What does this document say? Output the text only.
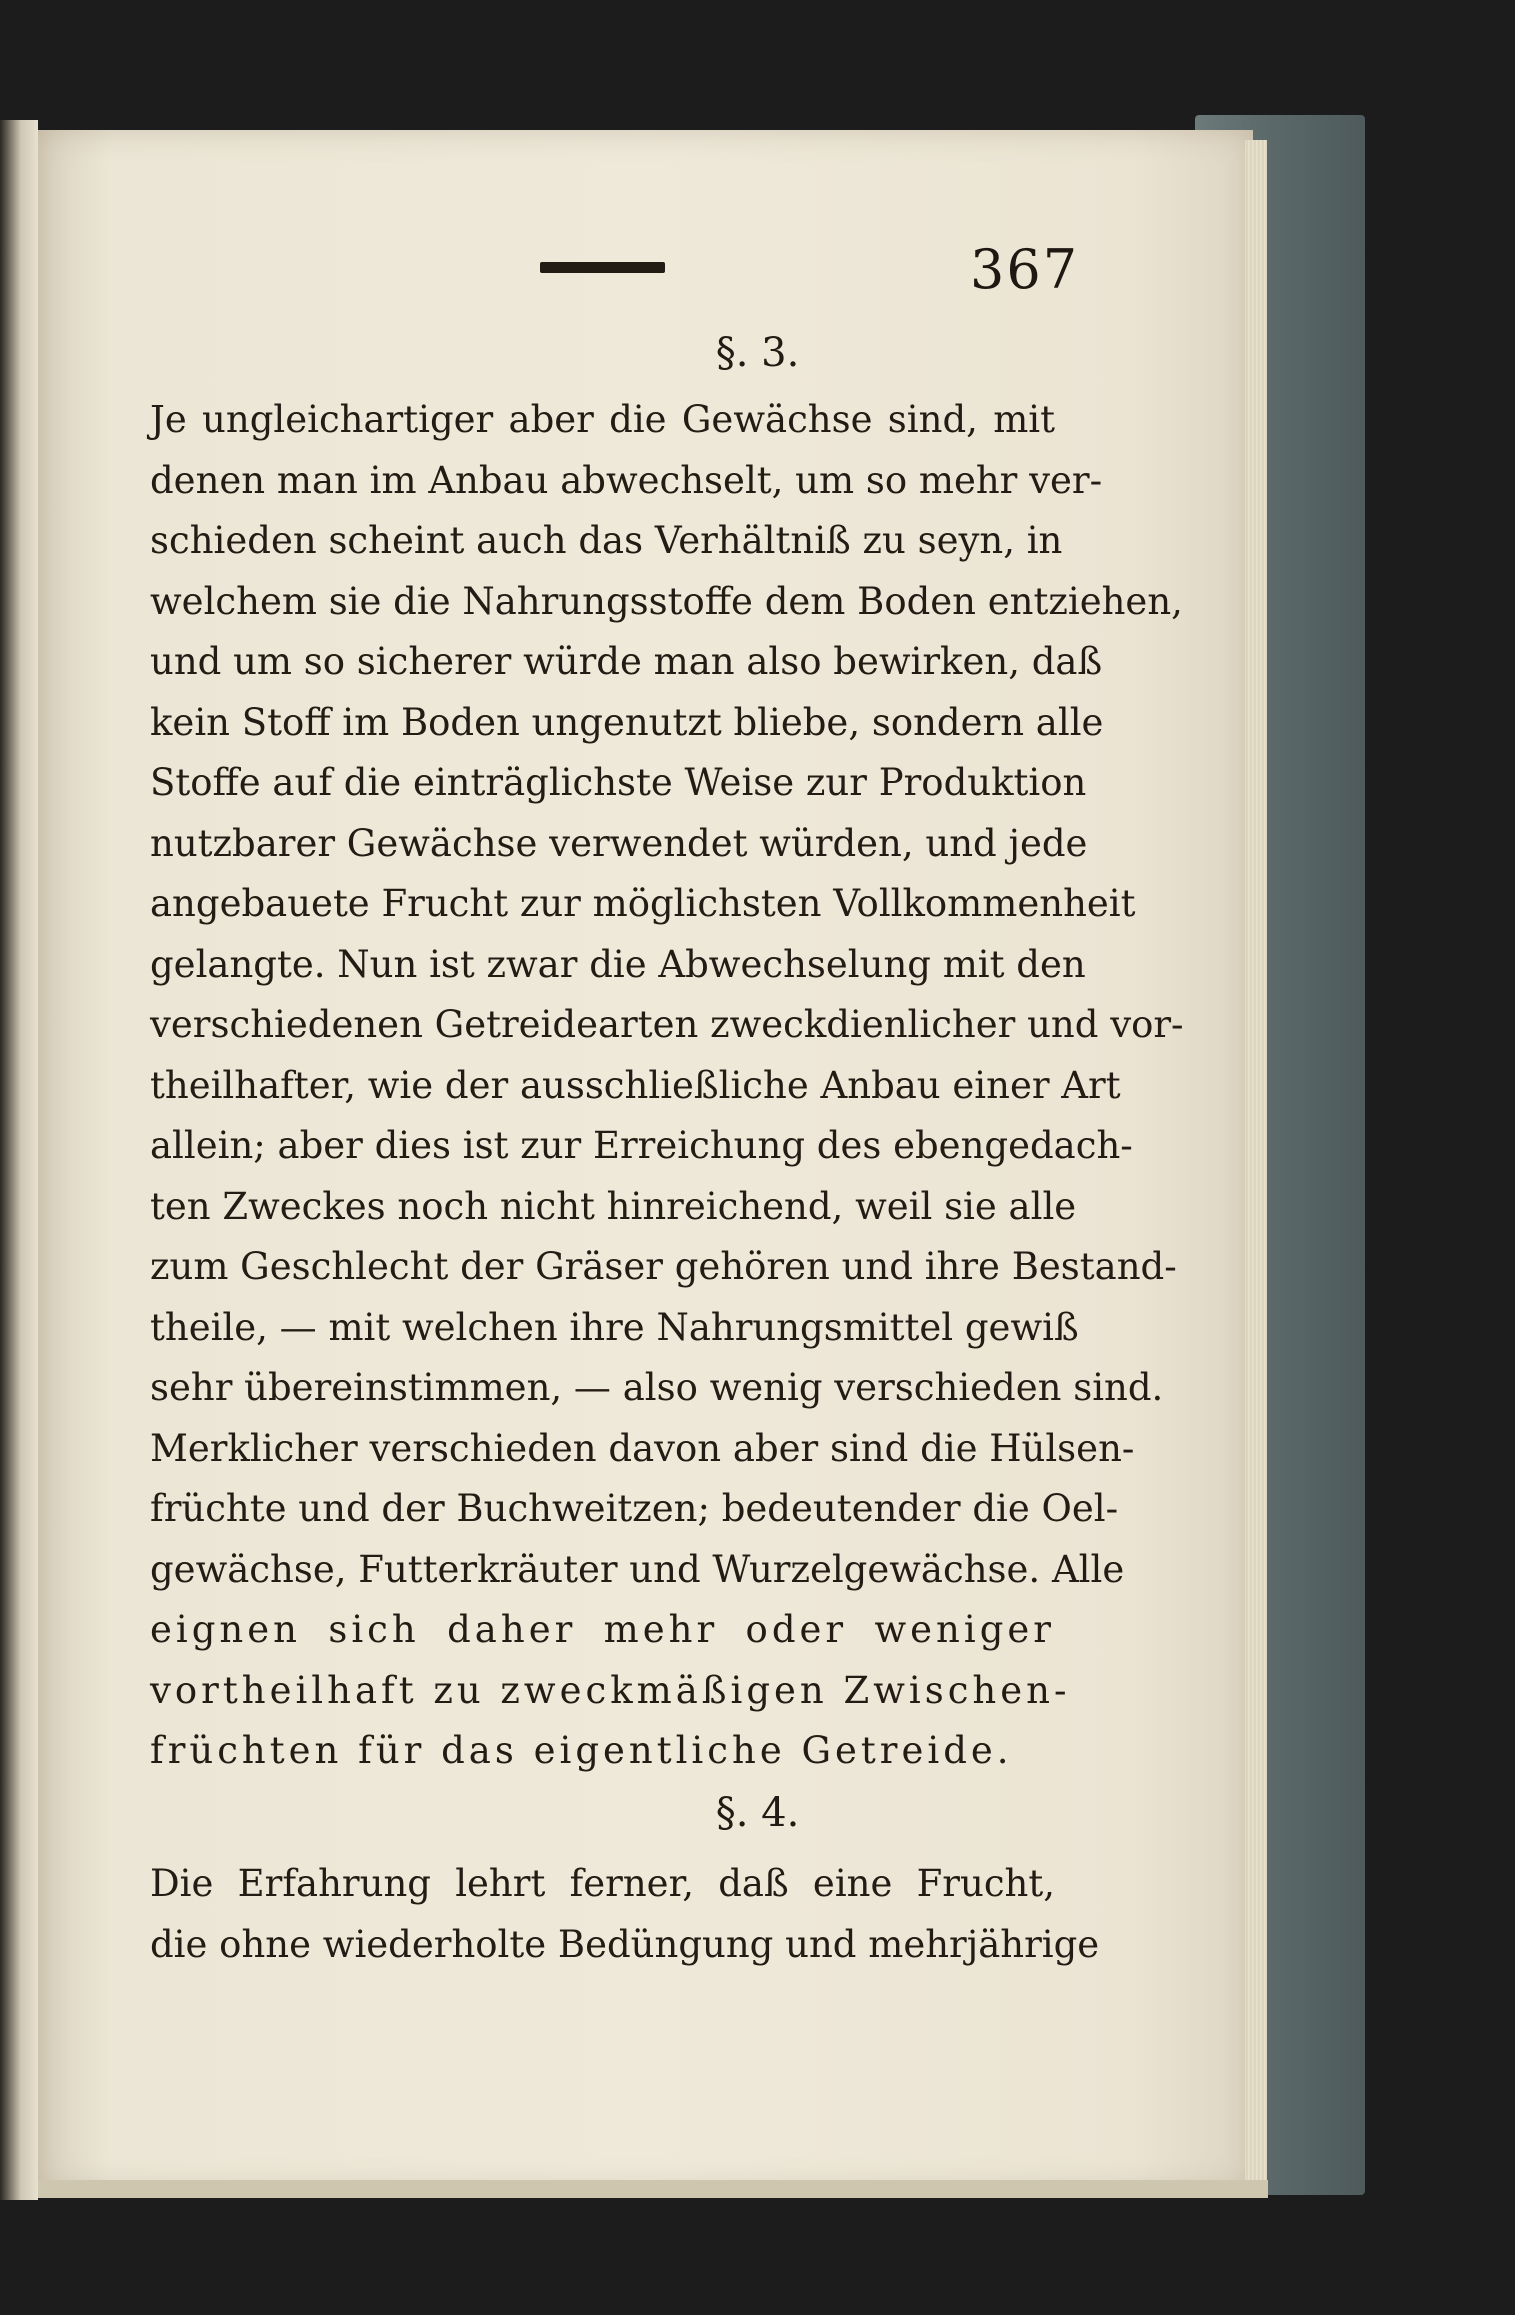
367
§. 3.
Je ungleichartiger aber die Gewächse sind, mit
denen man im Anbau abwechselt, um so mehr ver-
schieden scheint auch das Verhältniß zu seyn, in
welchem sie die Nahrungsstoffe dem Boden entziehen,
und um so sicherer würde man also bewirken, daß
kein Stoff im Boden ungenutzt bliebe, sondern alle
Stoffe auf die einträglichste Weise zur Produktion
nutzbarer Gewächse verwendet würden, und jede
angebauete Frucht zur möglichsten Vollkommenheit
gelangte. Nun ist zwar die Abwechselung mit den
verschiedenen Getreidearten zweckdienlicher und vor-
theilhafter, wie der ausschließliche Anbau einer Art
allein; aber dies ist zur Erreichung des ebengedach-
ten Zweckes noch nicht hinreichend, weil sie alle
zum Geschlecht der Gräser gehören und ihre Bestand-
theile, — mit welchen ihre Nahrungsmittel gewiß
sehr übereinstimmen, — also wenig verschieden sind.
Merklicher verschieden davon aber sind die Hülsen-
früchte und der Buchweitzen; bedeutender die Oel-
gewächse, Futterkräuter und Wurzelgewächse. Alle
eignen sich daher mehr oder weniger
vortheilhaft zu zweckmäßigen Zwischen-
früchten für das eigentliche Getreide.
§. 4.
Die Erfahrung lehrt ferner, daß eine Frucht,
die ohne wiederholte Bedüngung und mehrjährige
